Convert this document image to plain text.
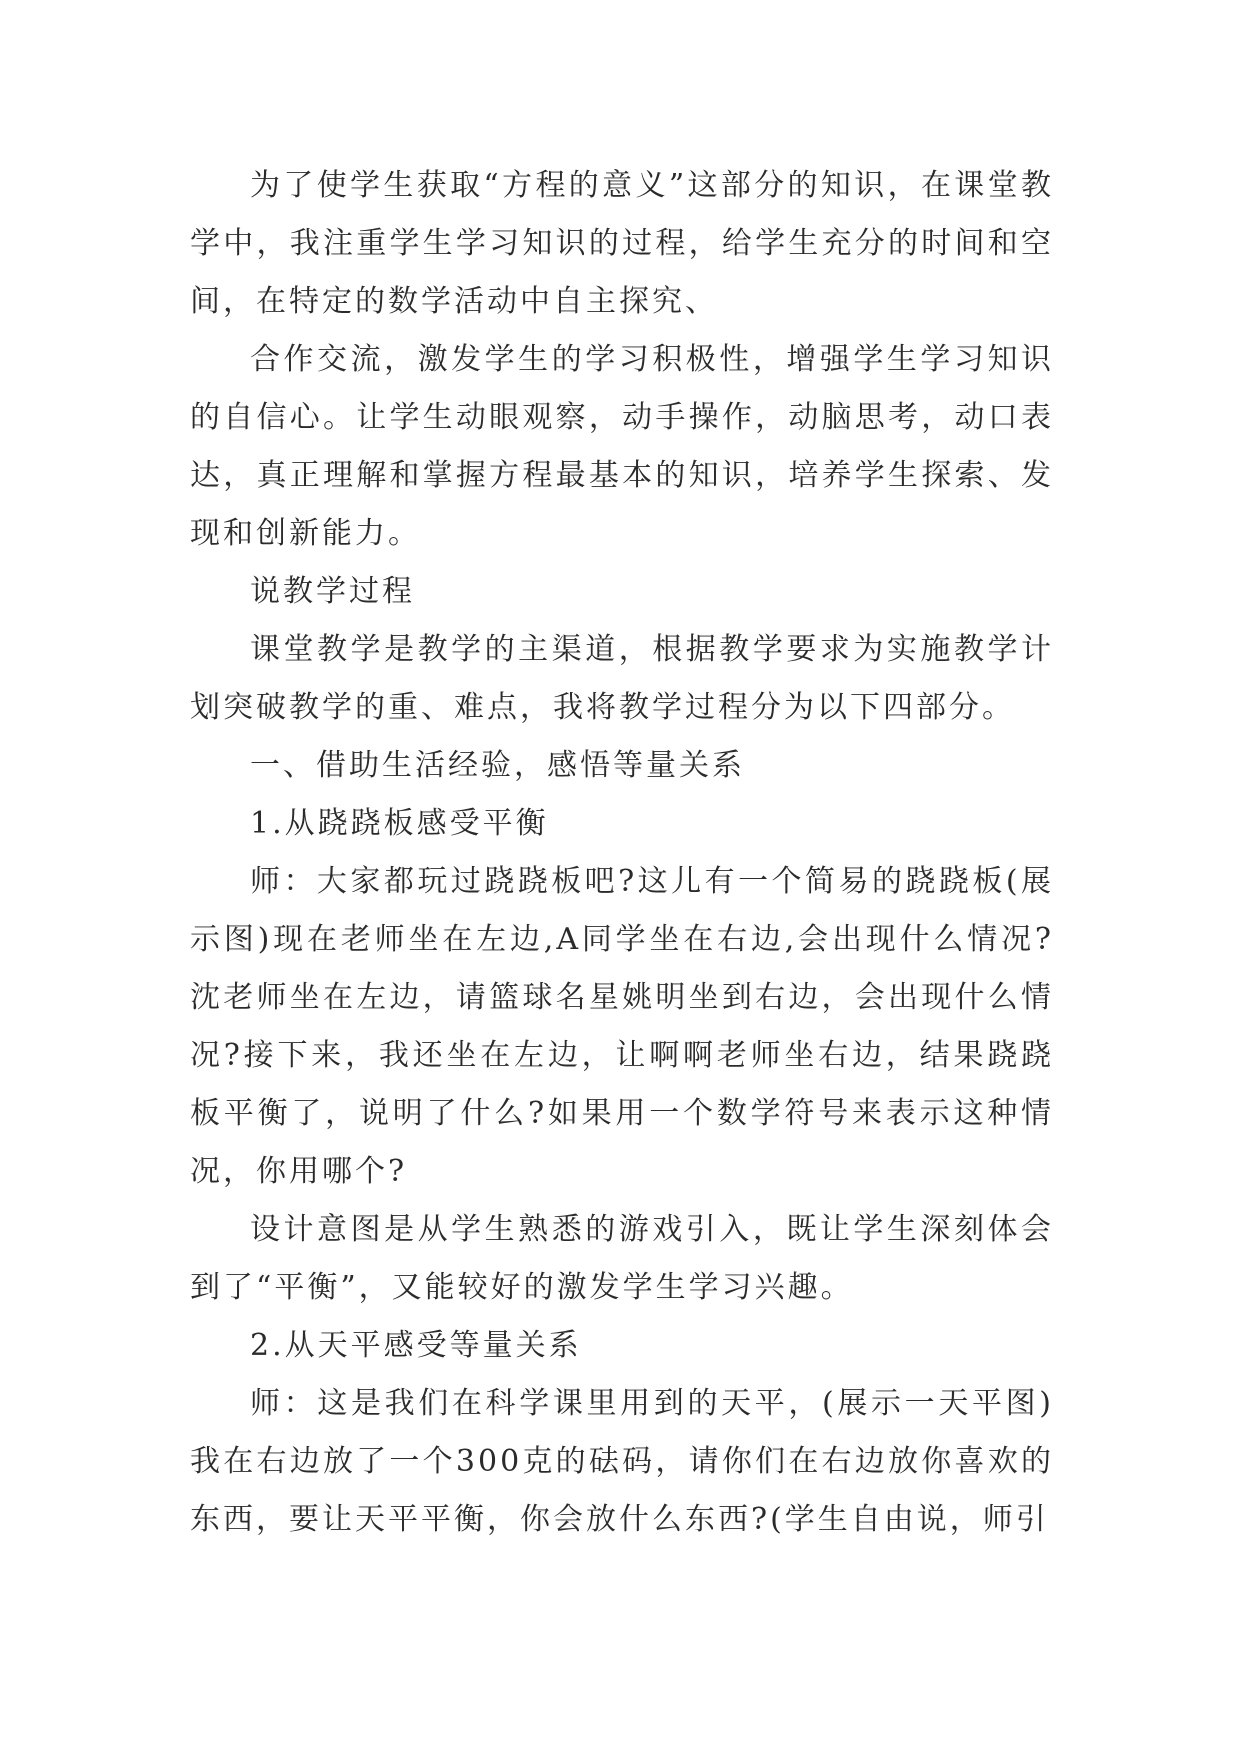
为了使学生获取“方程的意义”这部分的知识，在课堂教学中，我注重学生学习知识的过程，给学生充分的时间和空间，在特定的数学活动中自主探究、

合作交流，激发学生的学习积极性，增强学生学习知识的自信心。让学生动眼观察，动手操作，动脑思考，动口表达，真正理解和掌握方程最基本的知识，培养学生探索、发现和创新能力。

说教学过程

课堂教学是教学的主渠道，根据教学要求为实施教学计划突破教学的重、难点，我将教学过程分为以下四部分。

一、借助生活经验，感悟等量关系

1.从跷跷板感受平衡

师：大家都玩过跷跷板吧?这儿有一个简易的跷跷板(展示图)现在老师坐在左边,A同学坐在右边,会出现什么情况?沈老师坐在左边，请篮球名星姚明坐到右边，会出现什么情况?接下来，我还坐在左边，让啊啊老师坐右边，结果跷跷板平衡了，说明了什么?如果用一个数学符号来表示这种情况，你用哪个?

设计意图是从学生熟悉的游戏引入，既让学生深刻体会到了“平衡”，又能较好的激发学生学习兴趣。

2.从天平感受等量关系

师：这是我们在科学课里用到的天平，(展示一天平图)我在右边放了一个300克的砝码，请你们在右边放你喜欢的东西，要让天平平衡，你会放什么东西?(学生自由说，师引
